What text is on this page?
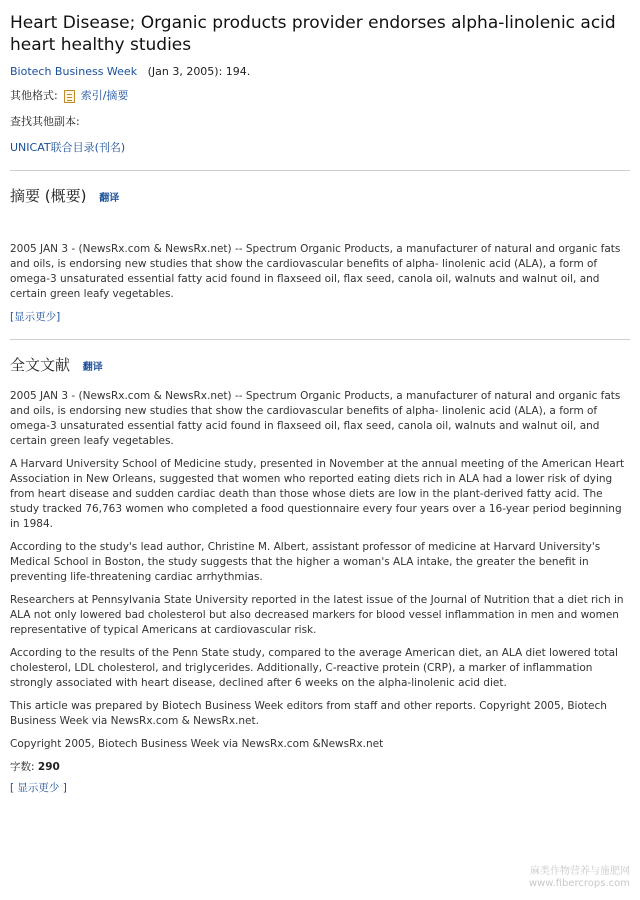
Heart Disease; Organic products provider endorses alpha-linolenic acid heart healthy studies
Biotech Business Week (Jan 3, 2005): 194.
其他格式: 索引/摘要
查找其他副本:
UNICAT联合目录(刊名)
摘要 (概要) 翻译

2005 JAN 3 - (NewsRx.com & NewsRx.net) -- Spectrum Organic Products, a manufacturer of natural and organic fats and oils, is endorsing new studies that show the cardiovascular benefits of alpha- linolenic acid (ALA), a form of omega-3 unsaturated essential fatty acid found in flaxseed oil, flax seed, canola oil, walnuts and walnut oil, and certain green leafy vegetables.

[显示更少]
全文文献 翻译

2005 JAN 3 - (NewsRx.com & NewsRx.net) -- Spectrum Organic Products, a manufacturer of natural and organic fats and oils, is endorsing new studies that show the cardiovascular benefits of alpha- linolenic acid (ALA), a form of omega-3 unsaturated essential fatty acid found in flaxseed oil, flax seed, canola oil, walnuts and walnut oil, and certain green leafy vegetables.

A Harvard University School of Medicine study, presented in November at the annual meeting of the American Heart Association in New Orleans, suggested that women who reported eating diets rich in ALA had a lower risk of dying from heart disease and sudden cardiac death than those whose diets are low in the plant-derived fatty acid. The study tracked 76,763 women who completed a food questionnaire every four years over a 16-year period beginning in 1984.

According to the study's lead author, Christine M. Albert, assistant professor of medicine at Harvard University's Medical School in Boston, the study suggests that the higher a woman's ALA intake, the greater the benefit in preventing life-threatening cardiac arrhythmias.

Researchers at Pennsylvania State University reported in the latest issue of the Journal of Nutrition that a diet rich in ALA not only lowered bad cholesterol but also decreased markers for blood vessel inflammation in men and women representative of typical Americans at cardiovascular risk.

According to the results of the Penn State study, compared to the average American diet, an ALA diet lowered total cholesterol, LDL cholesterol, and triglycerides. Additionally, C-reactive protein (CRP), a marker of inflammation strongly associated with heart disease, declined after 6 weeks on the alpha-linolenic acid diet.

This article was prepared by Biotech Business Week editors from staff and other reports. Copyright 2005, Biotech Business Week via NewsRx.com & NewsRx.net.

Copyright 2005, Biotech Business Week via NewsRx.com &NewsRx.net

字数: 290
[ 显示更少 ]
麻类作物营养与施肥网
www.fibercrops.com
